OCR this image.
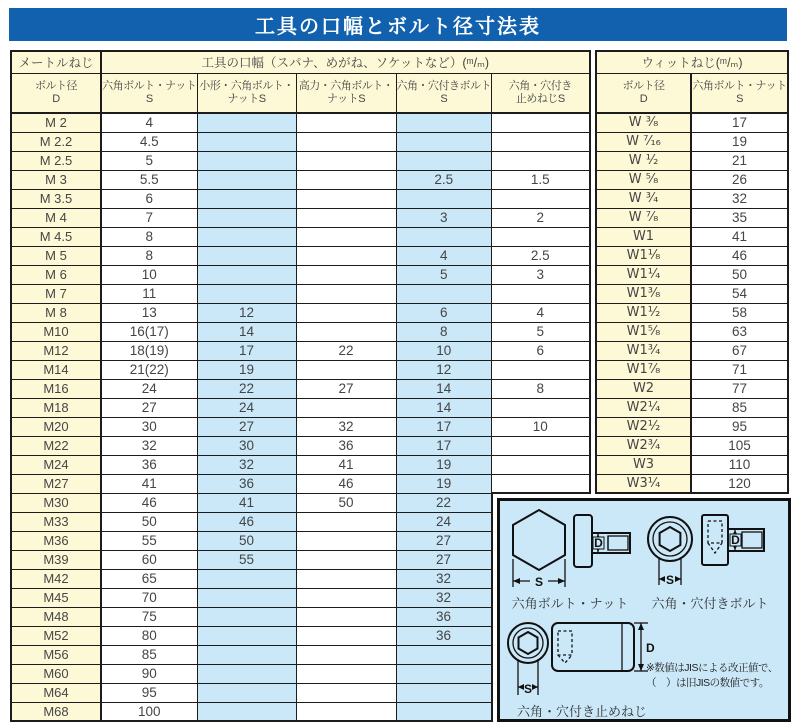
工具の口幅とボルト径寸法表
メートルねじ	工具の口幅（スパナ、めがね、ソケットなど）(ᵐ/ₘ)				

ボルト径
D

六角ボルト・ナット
S

小形・六角ボルト・
ナットS

高力・六角ボルト・
ナットS

六角・穴付きボルト
S

六角・穴付き
止めねじS

M 2	4				
M 2.2	4.5				
M 2.5	5				
M 3	5.5			2.5	1.5
M 3.5	6				
M 4	7			3	2
M 4.5	8				
M 5	8			4	2.5
M 6	10			5	3
M 7	11				
M 8	13	12		6	4
M10	16(17)	14		8	5
M12	18(19)	17	22	10	6
M14	21(22)	19		12	
M16	24	22	27	14	8
M18	27	24		14	
M20	30	27	32	17	10
M22	32	30	36	17	
M24	36	32	41	19	
M27	41	36	46	19	
M30	46	41	50	22	
M33	50	46		24	
M36	55	50		27	
M39	60	55		27	
M42	65			32	
M45	70			32	
M48	75			36	
M52	80			36	
M56	85				
M60	90				
M64	95				
M68	100				
ウィットねじ(ᵐ/ₘ)	

ボルト径
D

六角ボルト・ナット
S

W ³⁄₈	17
W ⁷⁄₁₆	19
W ¹⁄₂	21
W ⁵⁄₈	26
W ³⁄₄	32
W ⁷⁄₈	35
W1	41
W1¹⁄₈	46
W1¹⁄₄	50
W1³⁄₈	54
W1¹⁄₂	58
W1⁵⁄₈	63
W1³⁄₄	67
W1⁷⁄₈	71
W2	77
W2¹⁄₄	85
W2¹⁄₂	95
W2³⁄₄	105
W3	110
W3¹⁄₄	120
S
D
六角ボルト・ナット
S
D
六角・穴付きボルト
S
D
六角・穴付き止めねじ
※数値はJISによる改正値で、
（　）は旧JISの数値です。
